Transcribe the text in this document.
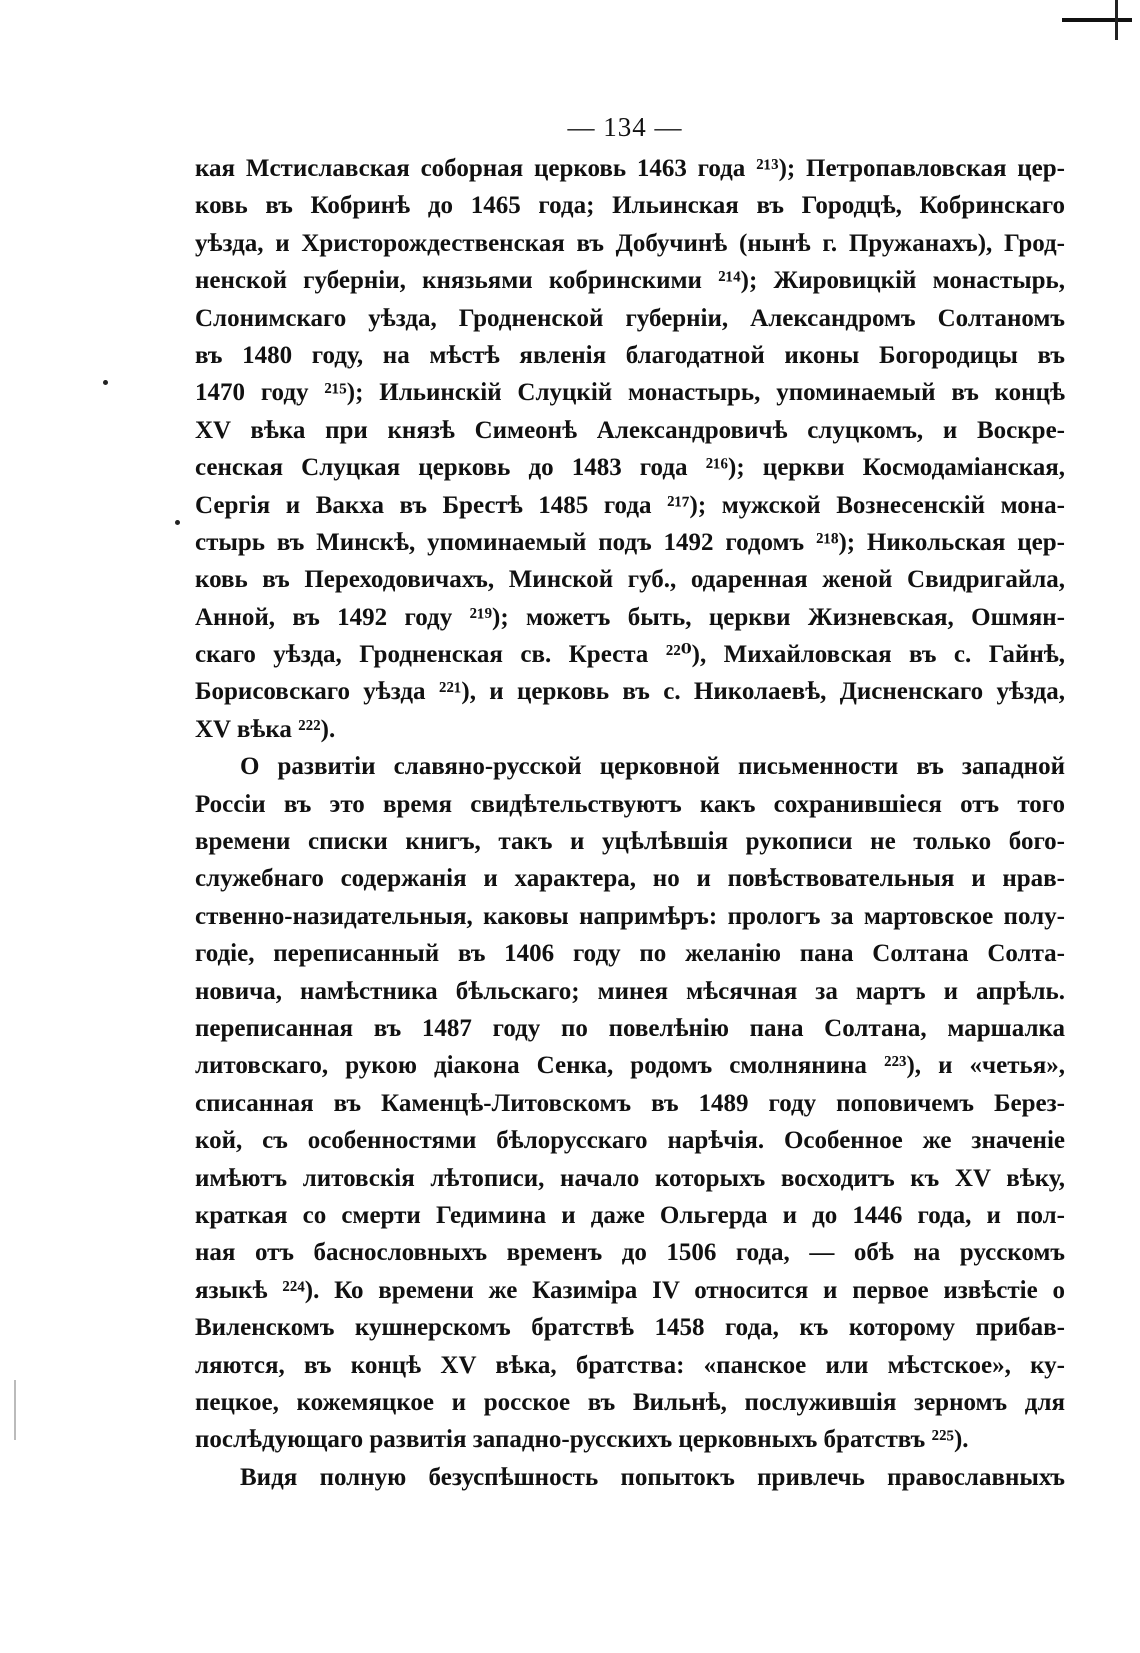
— 134 —
кая Мстиславская соборная церковь 1463 года ²¹³); Петропавловская цер-
ковь въ Кобринѣ до 1465 года; Ильинская въ Городцѣ, Кобринскаго
уѣзда, и Христорождественская въ Добучинѣ (нынѣ г. Пружанахъ), Грод-
ненской губерніи, князьями кобринскими ²¹⁴); Жировицкій монастырь,
Слонимскаго уѣзда, Гродненской губерніи, Александромъ Солтаномъ
въ 1480 году, на мѣстѣ явленія благодатной иконы Богородицы въ
1470 году ²¹⁵); Ильинскій Слуцкій монастырь, упоминаемый въ концѣ
XV вѣка при князѣ Симеонѣ Александровичѣ слуцкомъ, и Воскре-
сенская Слуцкая церковь до 1483 года ²¹⁶); церкви Космодаміанская,
Сергія и Вакха въ Брестѣ 1485 года ²¹⁷); мужской Вознесенскій мона-
стырь въ Минскѣ, упоминаемый подъ 1492 годомъ ²¹⁸); Никольская цер-
ковь въ Переходовичахъ, Минской губ., одаренная женой Свидригайла,
Анной, въ 1492 году ²¹⁹); можетъ быть, церкви Жизневская, Ошмян-
скаго уѣзда, Гродненская св. Креста ²²⁰), Михайловская въ с. Гайнѣ,
Борисовскаго уѣзда ²²¹), и церковь въ с. Николаевѣ, Дисненскаго уѣзда,
XV вѣка ²²²).
О развитіи славяно-русской церковной письменности въ западной
Россіи въ это время свидѣтельствуютъ какъ сохранившіеся отъ того
времени списки книгъ, такъ и уцѣлѣвшія рукописи не только бого-
служебнаго содержанія и характера, но и повѣствовательныя и нрав-
ственно-назидательныя, каковы напримѣръ: прологъ за мартовское полу-
годіе, переписанный въ 1406 году по желанію пана Солтана Солта-
новича, намѣстника бѣльскаго; минея мѣсячная за мартъ и апрѣль.
переписанная въ 1487 году по повелѣнію пана Солтана, маршалка
литовскаго, рукою діакона Сенка, родомъ смолнянина ²²³), и «четья»,
списанная въ Каменцѣ-Литовскомъ въ 1489 году поповичемъ Берез-
кой, съ особенностями бѣлорусскаго нарѣчія. Особенное же значеніе
имѣютъ литовскія лѣтописи, начало которыхъ восходитъ къ XV вѣку,
краткая со смерти Гедимина и даже Ольгерда и до 1446 года, и пол-
ная отъ баснословныхъ временъ до 1506 года, — обѣ на русскомъ
языкѣ ²²⁴). Ко времени же Казиміра IV относится и первое извѣстіе о
Виленскомъ кушнерскомъ братствѣ 1458 года, къ которому прибав-
ляются, въ концѣ XV вѣка, братства: «панское или мѣстское», ку-
пецкое, кожемяцкое и росское въ Вильнѣ, послужившія зерномъ для
послѣдующаго развитія западно-русскихъ церковныхъ братствъ ²²⁵).
Видя полную безуспѣшность попытокъ привлечь православныхъ
